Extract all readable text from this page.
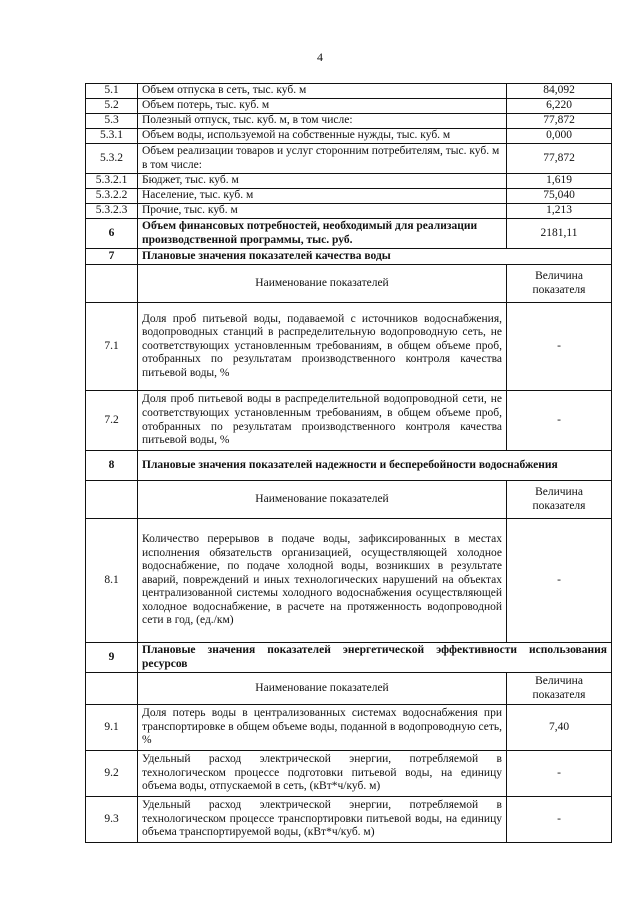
4
5.1	Объем отпуска в сеть, тыс. куб. м	84,092
5.2	Объем потерь, тыс. куб. м	6,220
5.3	Полезный отпуск, тыс. куб. м, в том числе:	77,872
5.3.1	Объем воды, используемой на собственные нужды, тыс. куб. м	0,000
5.3.2	Объем реализации товаров и услуг сторонним потребителям, тыс. куб. м в том числе:	77,872
5.3.2.1	Бюджет, тыс. куб. м	1,619
5.3.2.2	Население, тыс. куб. м	75,040
5.3.2.3	Прочие, тыс. куб. м	1,213
6	Объем финансовых потребностей, необходимый для реализации производственной программы, тыс. руб.	2181,11
7	Плановые значения показателей качества воды	
	Наименование показателей	Величина показателя
7.1	Доля проб питьевой воды, подаваемой с источников водоснабжения, водопроводных станций в распределительную водопроводную сеть, не соответствующих установленным требованиям, в общем объеме проб, отобранных по результатам производственного контроля качества питьевой воды, %	-
7.2	Доля проб питьевой воды в распределительной водопроводной сети, не соответствующих установленным требованиям, в общем объеме проб, отобранных по результатам производственного контроля качества питьевой воды, %	-
8	Плановые значения показателей надежности и бесперебойности водоснабжения	
	Наименование показателей	Величина показателя
8.1	Количество перерывов в подаче воды, зафиксированных в местах исполнения обязательств организацией, осуществляющей холодное водоснабжение, по подаче холодной воды, возникших в результате аварий, повреждений и иных технологических нарушений на объектах централизованной системы холодного водоснабжения осуществляющей холодное водоснабжение, в расчете на протяженность водопроводной сети в год, (ед./км)	-
9	Плановые значения показателей энергетической эффективности использования ресурсов	
	Наименование показателей	Величина показателя
9.1	Доля потерь воды в централизованных системах водоснабжения при транспортировке в общем объеме воды, поданной в водопроводную сеть, %	7,40
9.2	Удельный расход электрической энергии, потребляемой в технологическом процессе подготовки питьевой воды, на единицу объема воды, отпускаемой в сеть, (кВт*ч/куб. м)	-
9.3	Удельный расход электрической энергии, потребляемой в технологическом процессе транспортировки питьевой воды, на единицу объема транспортируемой воды, (кВт*ч/куб. м)	-
